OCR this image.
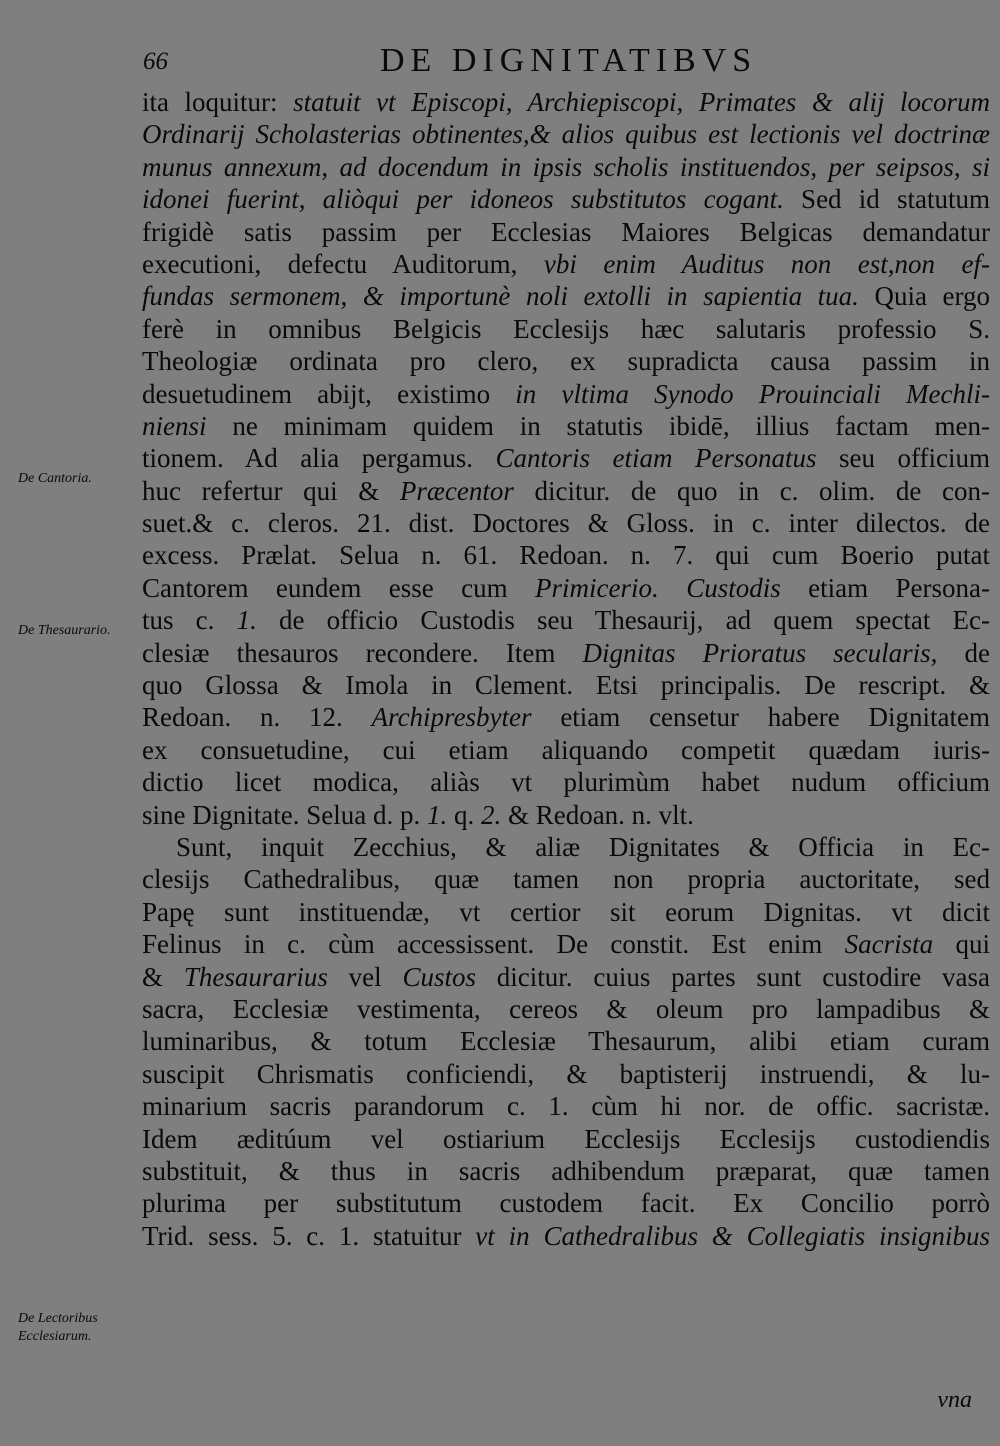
66	DE DIGNITATIBVS
De Cantoria.
De Thesaurario.
De Lectoribus Ecclesiarum.
ita loquitur: statuit vt Episcopi, Archiepiscopi, Primates & alij locorum
Ordinarij Scholasterias obtinentes,& alios quibus est lectionis vel doctrinæ
munus annexum, ad docendum in ipsis scholis instituendos, per seipsos, si
idonei fuerint, aliòqui per idoneos substitutos cogant. Sed id statutum
frigidè satis passim per Ecclesias Maiores Belgicas demandatur
executioni, defectu Auditorum, vbi enim Auditus non est,non ef-
fundas sermonem, & importunè noli extolli in sapientia tua. Quia ergo
ferè in omnibus Belgicis Ecclesijs hæc salutaris professio S.
Theologiæ ordinata pro clero, ex supradicta causa passim in
desuetudinem abijt, existimo in vltima Synodo Prouinciali Mechli-
niensi ne minimam quidem in statutis ibidē, illius factam men-
tionem. Ad alia pergamus. Cantoris etiam Personatus seu officium
huc refertur qui & Præcentor dicitur. de quo in c. olim. de con-
suet.& c. cleros. 21. dist. Doctores & Gloss. in c. inter dilectos. de
excess. Prælat. Selua n. 61. Redoan. n. 7. qui cum Boerio putat
Cantorem eundem esse cum Primicerio. Custodis etiam Persona-
tus c. 1. de officio Custodis seu Thesaurij, ad quem spectat Ec-
clesiæ thesauros recondere. Item Dignitas Prioratus secularis, de
quo Glossa & Imola in Clement. Etsi principalis. De rescript. &
Redoan. n. 12. Archipresbyter etiam censetur habere Dignitatem
ex consuetudine, cui etiam aliquando competit quædam iuris-
dictio licet modica, aliàs vt plurimùm habet nudum officium
sine Dignitate. Selua d. p. 1. q. 2. & Redoan. n. vlt.
Sunt, inquit Zecchius, & aliæ Dignitates & Officia in Ec-
clesijs Cathedralibus, quæ tamen non propria auctoritate, sed
Papę sunt instituendæ, vt certior sit eorum Dignitas. vt dicit
Felinus in c. cùm accessissent. De constit. Est enim Sacrista qui
& Thesaurarius vel Custos dicitur. cuius partes sunt custodire vasa
sacra, Ecclesiæ vestimenta, cereos & oleum pro lampadibus &
luminaribus, & totum Ecclesiæ Thesaurum, alibi etiam curam
suscipit Chrismatis conficiendi, & baptisterij instruendi, & lu-
minarium sacris parandorum c. 1. cùm hi nor. de offic. sacristæ.
Idem æditúum vel ostiarium Ecclesijs Ecclesijs custodiendis
substituit, & thus in sacris adhibendum præparat, quæ tamen
plurima per substitutum custodem facit. Ex Concilio porrò
Trid. sess. 5. c. 1. statuitur vt in Cathedralibus & Collegiatis insignibus
vna
